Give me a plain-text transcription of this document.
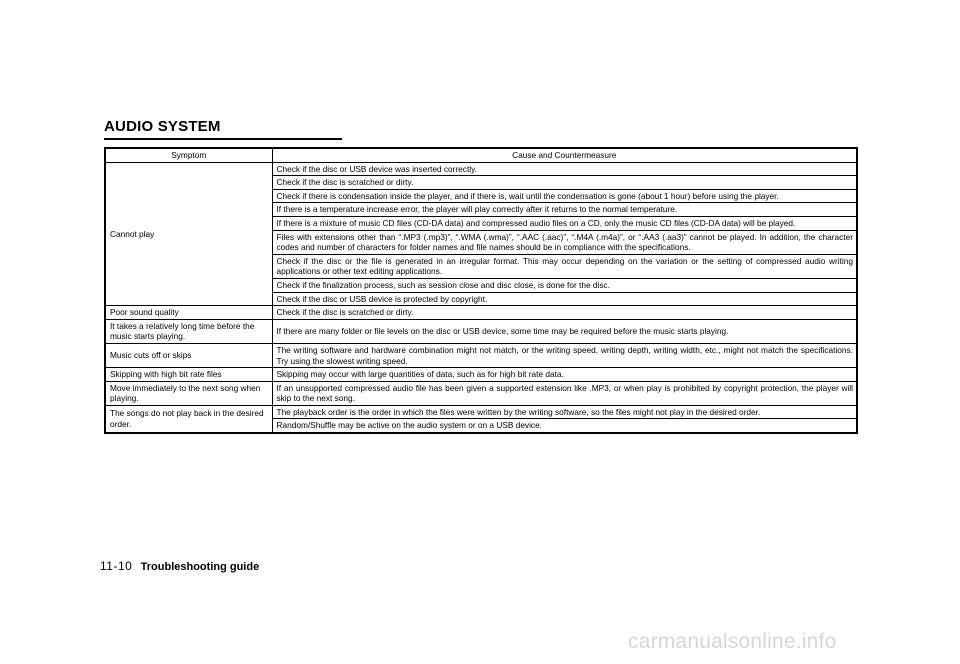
AUDIO SYSTEM
Symptom	Cause and Countermeasure
Cannot play	Check if the disc or USB device was inserted correctly.
	Check if the disc is scratched or dirty.
	Check if there is condensation inside the player, and if there is, wait until the condensation is gone (about 1 hour) before using the player.
	If there is a temperature increase error, the player will play correctly after it returns to the normal temperature.
	If there is a mixture of music CD files (CD-DA data) and compressed audio files on a CD, only the music CD files (CD-DA data) will be played.
	Files with extensions other than “.MP3 (.mp3)”, “.WMA (.wma)”, “.AAC (.aac)”, “.M4A (.m4a)”, or “.AA3 (.aa3)” cannot be played. In addition, the character codes and number of characters for folder names and file names should be in compliance with the specifications.
	Check if the disc or the file is generated in an irregular format. This may occur depending on the variation or the setting of compressed audio writing applications or other text editing applications.
	Check if the finalization process, such as session close and disc close, is done for the disc.
	Check if the disc or USB device is protected by copyright.
Poor sound quality	Check if the disc is scratched or dirty.
It takes a relatively long time before the music starts playing.	If there are many folder or file levels on the disc or USB device, some time may be required before the music starts playing.
Music cuts off or skips	The writing software and hardware combination might not match, or the writing speed, writing depth, writing width, etc., might not match the specifications. Try using the slowest writing speed.
Skipping with high bit rate files	Skipping may occur with large quantities of data, such as for high bit rate data.
Move immediately to the next song when playing.	If an unsupported compressed audio file has been given a supported extension like .MP3, or when play is prohibited by copyright protection, the player will skip to the next song.
The songs do not play back in the desired order.	The playback order is the order in which the files were written by the writing software, so the files might not play in the desired order.
	Random/Shuffle may be active on the audio system or on a USB device.
11-10 Troubleshooting guide
carmanualsonline.info
